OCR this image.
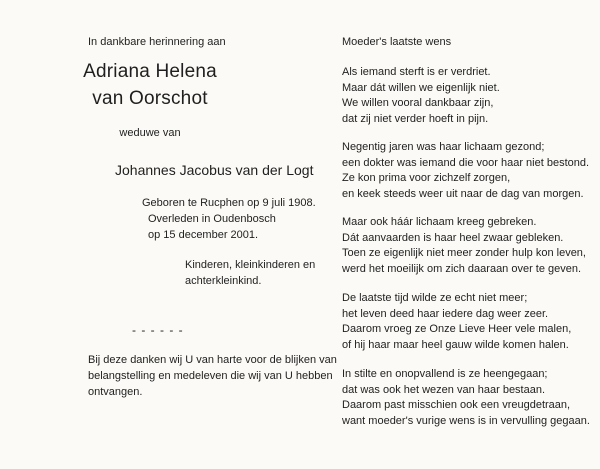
In dankbare herinnering aan
Adriana Helena
van Oorschot
weduwe van
Johannes Jacobus van der Logt
Geboren te Rucphen op 9 juli 1908.
Overleden in Oudenbosch
op 15 december 2001.
Kinderen, kleinkinderen en
achterkleinkind.
- - - - - -
Bij deze danken wij U van harte voor de blijken van
belangstelling en medeleven die wij van U hebben
ontvangen.
Moeder's laatste wens
Als iemand sterft is er verdriet.
Maar dát willen we eigenlijk niet.
We willen vooral dankbaar zijn,
dat zij niet verder hoeft in pijn.
Negentig jaren was haar lichaam gezond;
een dokter was iemand die voor haar niet bestond.
Ze kon prima voor zichzelf zorgen,
en keek steeds weer uit naar de dag van morgen.
Maar ook háár lichaam kreeg gebreken.
Dát aanvaarden is haar heel zwaar gebleken.
Toen ze eigenlijk niet meer zonder hulp kon leven,
werd het moeilijk om zich daaraan over te geven.
De laatste tijd wilde ze echt niet meer;
het leven deed haar iedere dag weer zeer.
Daarom vroeg ze Onze Lieve Heer vele malen,
of hij haar maar heel gauw wilde komen halen.
In stilte en onopvallend is ze heengegaan;
dat was ook het wezen van haar bestaan.
Daarom past misschien ook een vreugdetraan,
want moeder's vurige wens is in vervulling gegaan.
